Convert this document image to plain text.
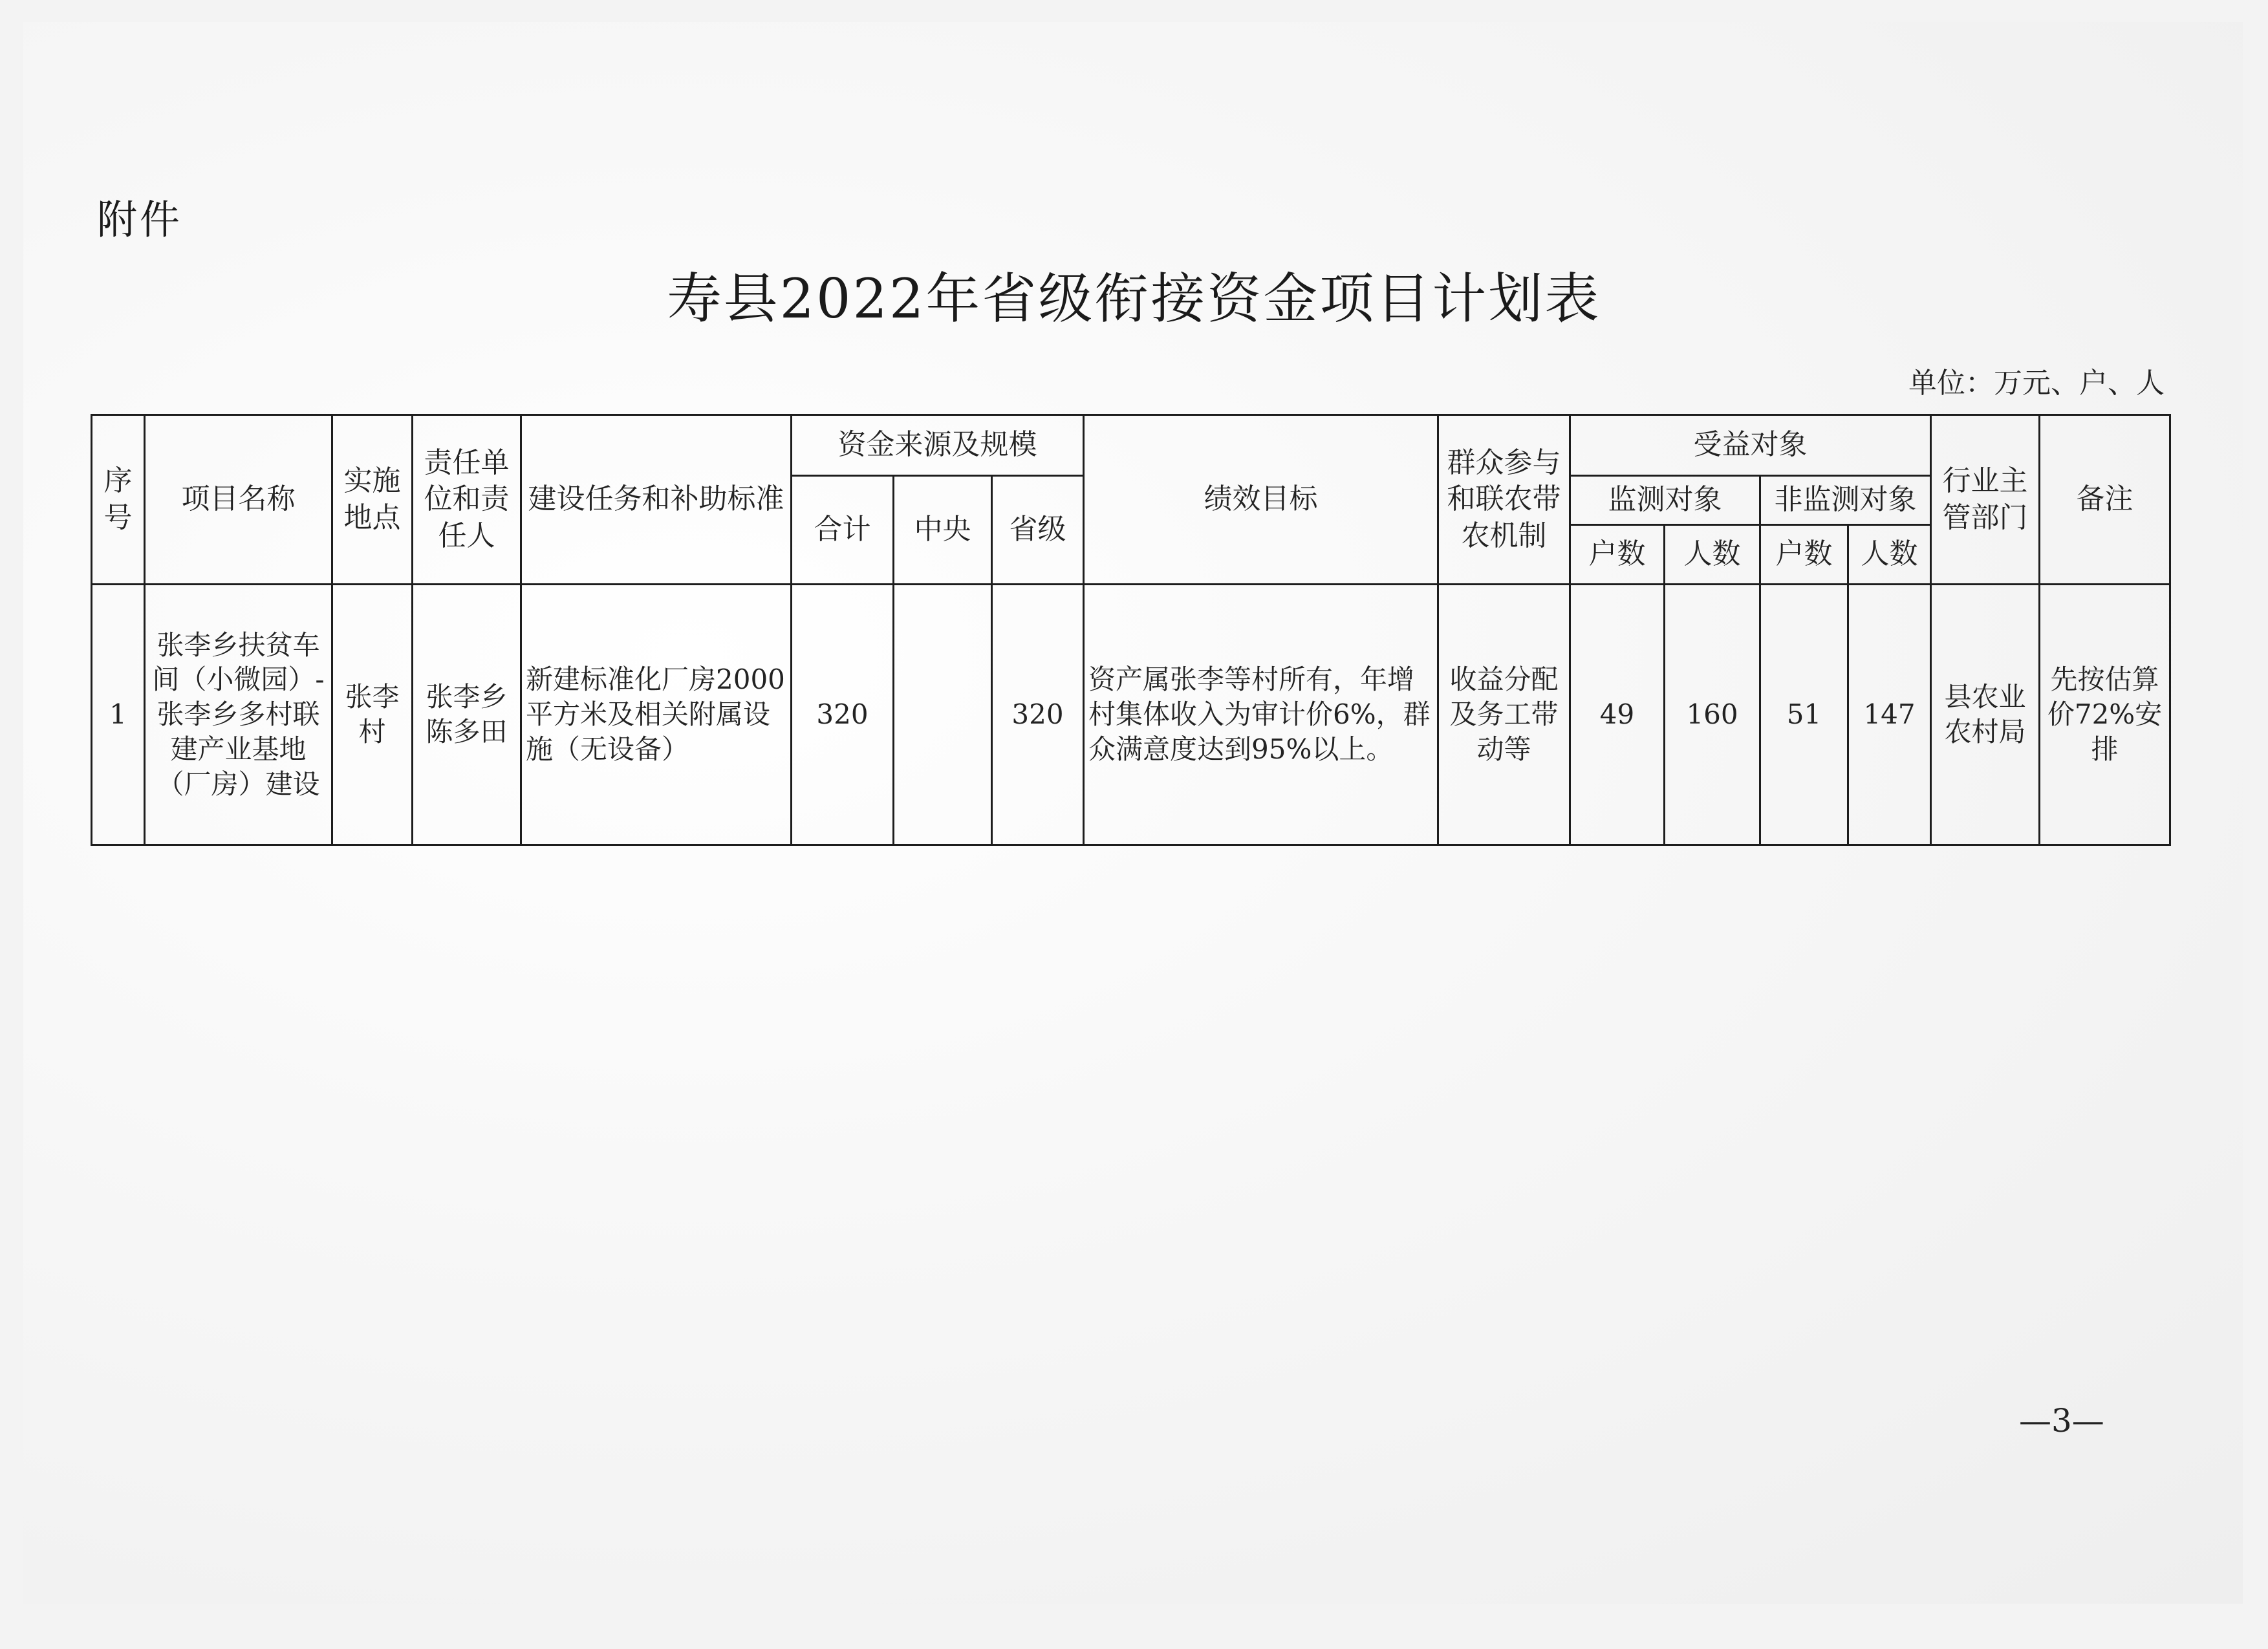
附件
寿县2022年省级衔接资金项目计划表
单位：万元、户、人
序号	项目名称	实施地点	责任单位和责任人	建设任务和补助标准	资金来源及规模			绩效目标	群众参与和联农带农机制	受益对象				行业主管部门	备注
					合计	中央	省级			监测对象		非监测对象			
										户数	人数	户数	人数		
1	张李乡扶贫车间（小微园）-张李乡多村联建产业基地（厂房）建设	张李村	张李乡陈多田	新建标准化厂房2000平方米及相关附属设施（无设备）	320		320	资产属张李等村所有，年增村集体收入为审计价6%，群众满意度达到95%以上。	收益分配及务工带动等	49	160	51	147	县农业农村局	先按估算价72%安排
—3—
